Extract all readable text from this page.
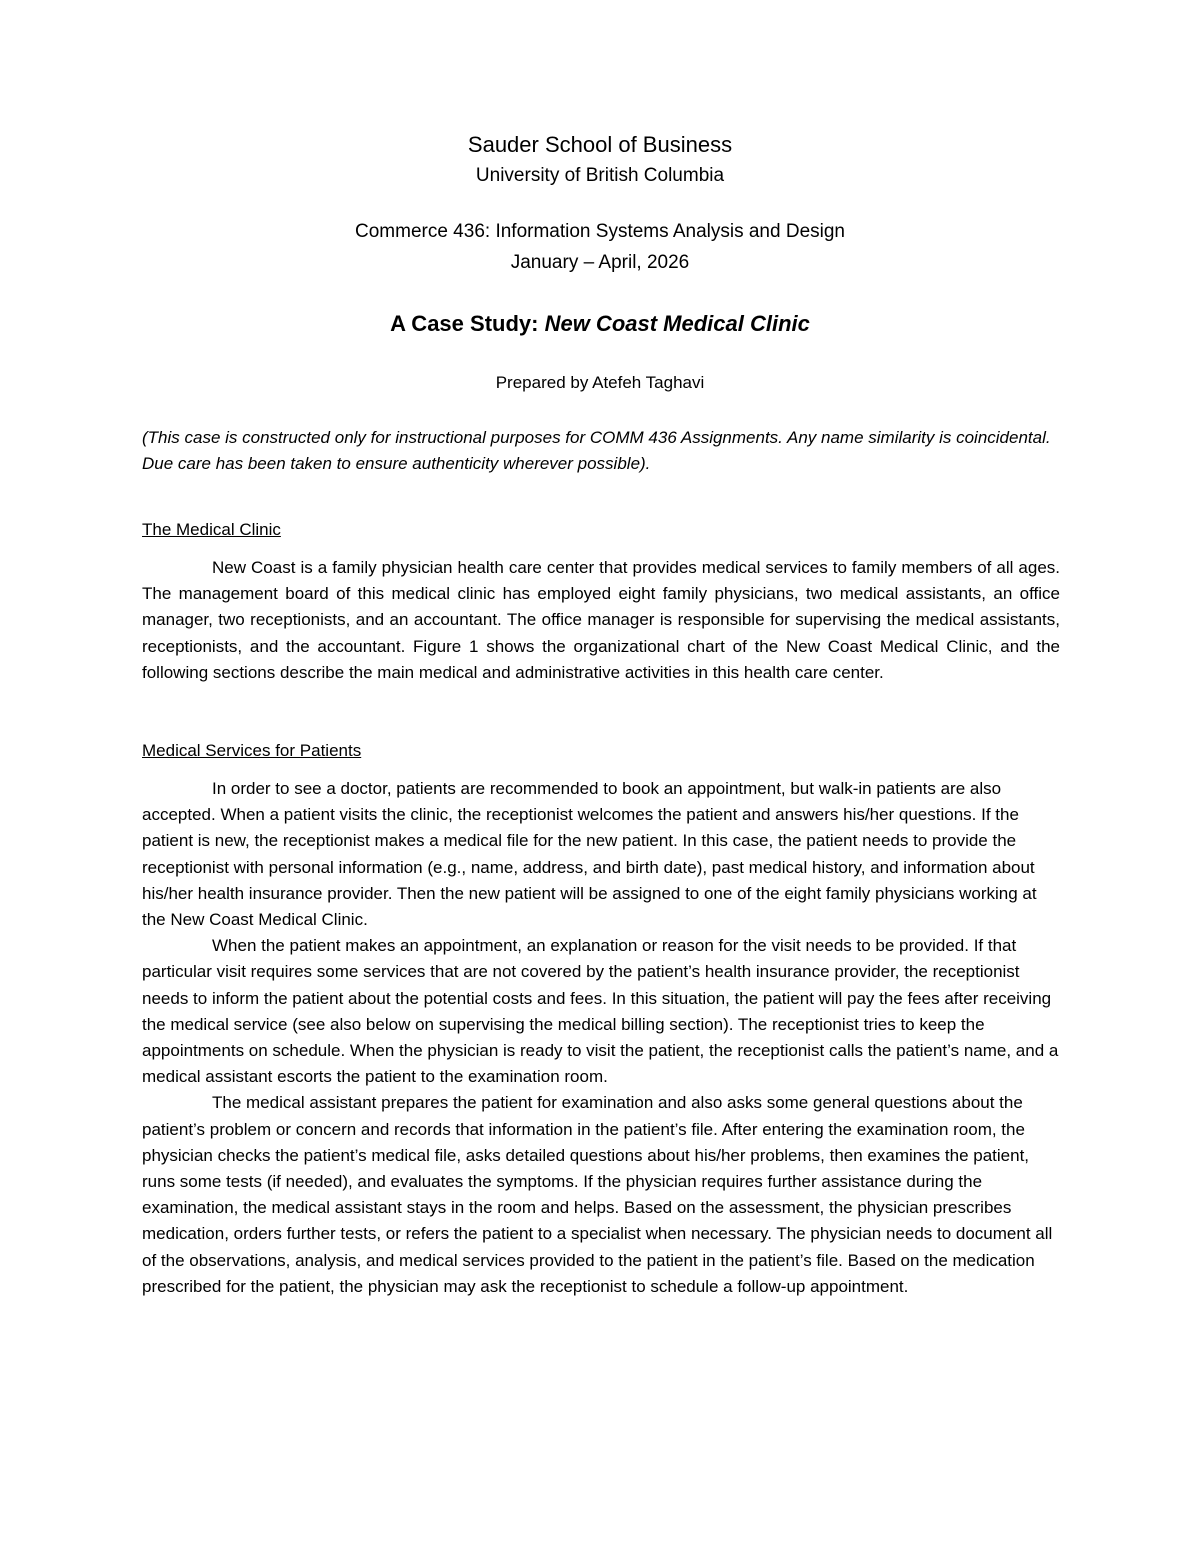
Sauder School of Business
University of British Columbia
Commerce 436: Information Systems Analysis and Design
January – April, 2026
A Case Study: New Coast Medical Clinic
Prepared by Atefeh Taghavi
(This case is constructed only for instructional purposes for COMM 436 Assignments. Any name similarity is coincidental. Due care has been taken to ensure authenticity wherever possible).
The Medical Clinic

New Coast is a family physician health care center that provides medical services to family members of all ages. The management board of this medical clinic has employed eight family physicians, two medical assistants, an office manager, two receptionists, and an accountant. The office manager is responsible for supervising the medical assistants, receptionists, and the accountant. Figure 1 shows the organizational chart of the New Coast Medical Clinic, and the following sections describe the main medical and administrative activities in this health care center.

Medical Services for Patients

In order to see a doctor, patients are recommended to book an appointment, but walk-in patients are also accepted. When a patient visits the clinic, the receptionist welcomes the patient and answers his/her questions. If the patient is new, the receptionist makes a medical file for the new patient. In this case, the patient needs to provide the receptionist with personal information (e.g., name, address, and birth date), past medical history, and information about his/her health insurance provider. Then the new patient will be assigned to one of the eight family physicians working at the New Coast Medical Clinic.

When the patient makes an appointment, an explanation or reason for the visit needs to be provided. If that particular visit requires some services that are not covered by the patient’s health insurance provider, the receptionist needs to inform the patient about the potential costs and fees. In this situation, the patient will pay the fees after receiving the medical service (see also below on supervising the medical billing section). The receptionist tries to keep the appointments on schedule. When the physician is ready to visit the patient, the receptionist calls the patient’s name, and a medical assistant escorts the patient to the examination room.

The medical assistant prepares the patient for examination and also asks some general questions about the patient’s problem or concern and records that information in the patient’s file. After entering the examination room, the physician checks the patient’s medical file, asks detailed questions about his/her problems, then examines the patient, runs some tests (if needed), and evaluates the symptoms. If the physician requires further assistance during the examination, the medical assistant stays in the room and helps. Based on the assessment, the physician prescribes medication, orders further tests, or refers the patient to a specialist when necessary. The physician needs to document all of the observations, analysis, and medical services provided to the patient in the patient’s file. Based on the medication prescribed for the patient, the physician may ask the receptionist to schedule a follow-up appointment.
